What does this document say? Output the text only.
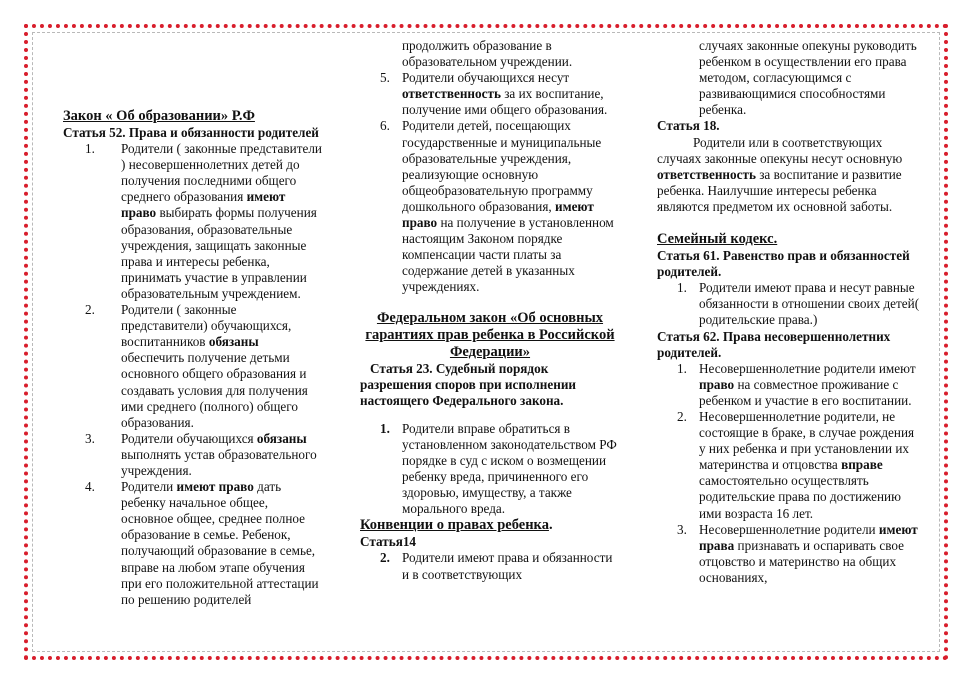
Закон « Об образовании» Р.Ф
Статья 52. Права и обязанности родителей
1. Родители ( законные представители ) несовершеннолетних детей до получения последними общего среднего образования имеют право выбирать формы получения образования, образовательные учреждения, защищать законные права и интересы ребенка, принимать участие в управлении образовательным учреждением.
2. Родители ( законные представители) обучающихся, воспитанников обязаны обеспечить получение детьми основного общего образования и создавать условия для получения ими среднего (полного) общего образования.
3. Родители обучающихся обязаны выполнять устав образовательного учреждения.
4. Родители имеют право дать ребенку начальное общее, основное общее, среднее полное образование в семье. Ребенок, получающий образование в семье, вправе на любом этапе обучения при его положительной аттестации по решению родителей
продолжить образование в образовательном учреждении.
5. Родители обучающихся несут ответственность за их воспитание, получение ими общего образования.
6. Родители детей, посещающих государственные и муниципальные образовательные учреждения, реализующие основную общеобразовательную программу дошкольного образования, имеют право на получение в установленном настоящим Законом порядке компенсации части платы за содержание детей в указанных учреждениях.
Федеральном закон «Об основных гарантиях прав ребенка в Российской Федерации»
Статья 23. Судебный порядок разрешения споров при исполнении настоящего Федерального закона.
1. Родители вправе обратиться в установленном законодательством РФ порядке в суд с иском о возмещении ребенку вреда, причиненного его здоровью, имуществу, а также морального вреда.
Конвенции о правах ребенка.
Статья14
2. Родители имеют права и обязанности и в соответствующих
случаях законные опекуны руководить ребенком в осуществлении его права методом, согласующимся с развивающимися способностями ребенка.
Статья 18.
Родители или в соответствующих случаях законные опекуны несут основную ответственность за воспитание и развитие ребенка. Наилучшие интересы ребенка являются предметом их основной заботы.
Семейный кодекс.
Статья 61. Равенство прав и обязанностей родителей.
1. Родители имеют права и несут равные обязанности в отношении своих детей( родительские права.)
Статья 62. Права несовершеннолетних родителей.
1. Несовершеннолетние родители имеют право на совместное проживание с ребенком и участие в его воспитании.
2. Несовершеннолетние родители, не состоящие в браке, в случае рождения у них ребенка и при установлении их материнства и отцовства вправе самостоятельно осуществлять родительские права по достижению ими возраста 16 лет.
3. Несовершеннолетние родители имеют права признавать и оспаривать свое отцовство и материнство на общих основаниях,
